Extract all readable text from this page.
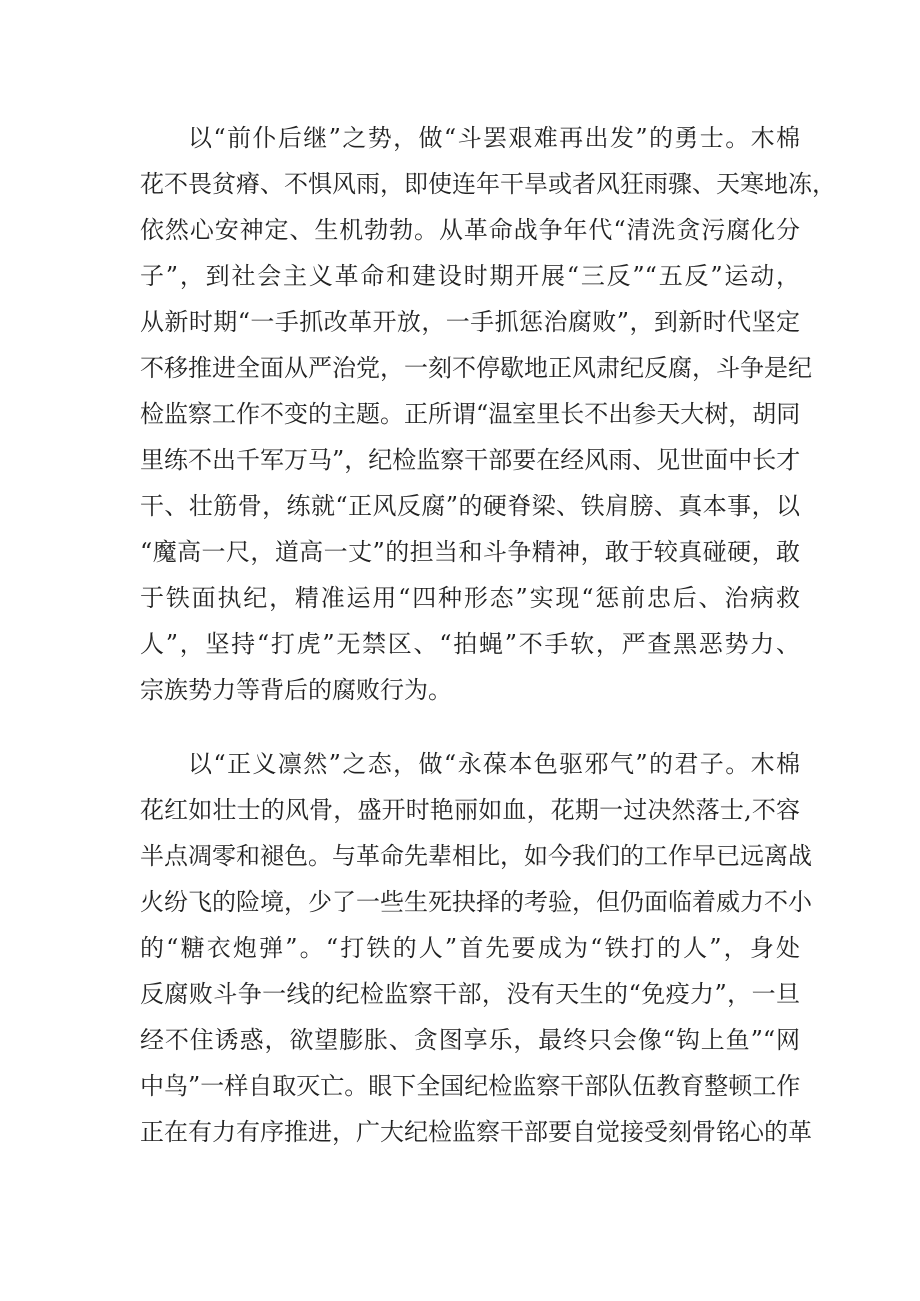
以“前仆后继”之势，做“斗罢艰难再出发”的勇士。木棉
花不畏贫瘠、不惧风雨，即使连年干旱或者风狂雨骤、天寒地冻，
依然心安神定、生机勃勃。从革命战争年代“清洗贪污腐化分
子”，到社会主义革命和建设时期开展“三反”“五反”运动，
从新时期“一手抓改革开放，一手抓惩治腐败”，到新时代坚定
不移推进全面从严治党，一刻不停歇地正风肃纪反腐，斗争是纪
检监察工作不变的主题。正所谓“温室里长不出参天大树，胡同
里练不出千军万马”，纪检监察干部要在经风雨、见世面中长才
干、壮筋骨，练就“正风反腐”的硬脊梁、铁肩膀、真本事，以
“魔高一尺，道高一丈”的担当和斗争精神，敢于较真碰硬，敢
于铁面执纪，精准运用“四种形态”实现“惩前忠后、治病救
人”，坚持“打虎”无禁区、“拍蝇”不手软，严查黑恶势力、
宗族势力等背后的腐败行为。
以“正义凛然”之态，做“永葆本色驱邪气”的君子。木棉
花红如壮士的风骨，盛开时艳丽如血，花期一过决然落士,不容
半点凋零和褪色。与革命先辈相比，如今我们的工作早已远离战
火纷飞的险境，少了一些生死抉择的考验，但仍面临着威力不小
的“糖衣炮弹”。“打铁的人”首先要成为“铁打的人”，身处
反腐败斗争一线的纪检监察干部，没有天生的“免疫力”，一旦
经不住诱惑，欲望膨胀、贪图享乐，最终只会像“钩上鱼”“网
中鸟”一样自取灭亡。眼下全国纪检监察干部队伍教育整顿工作
正在有力有序推进，广大纪检监察干部要自觉接受刻骨铭心的革
